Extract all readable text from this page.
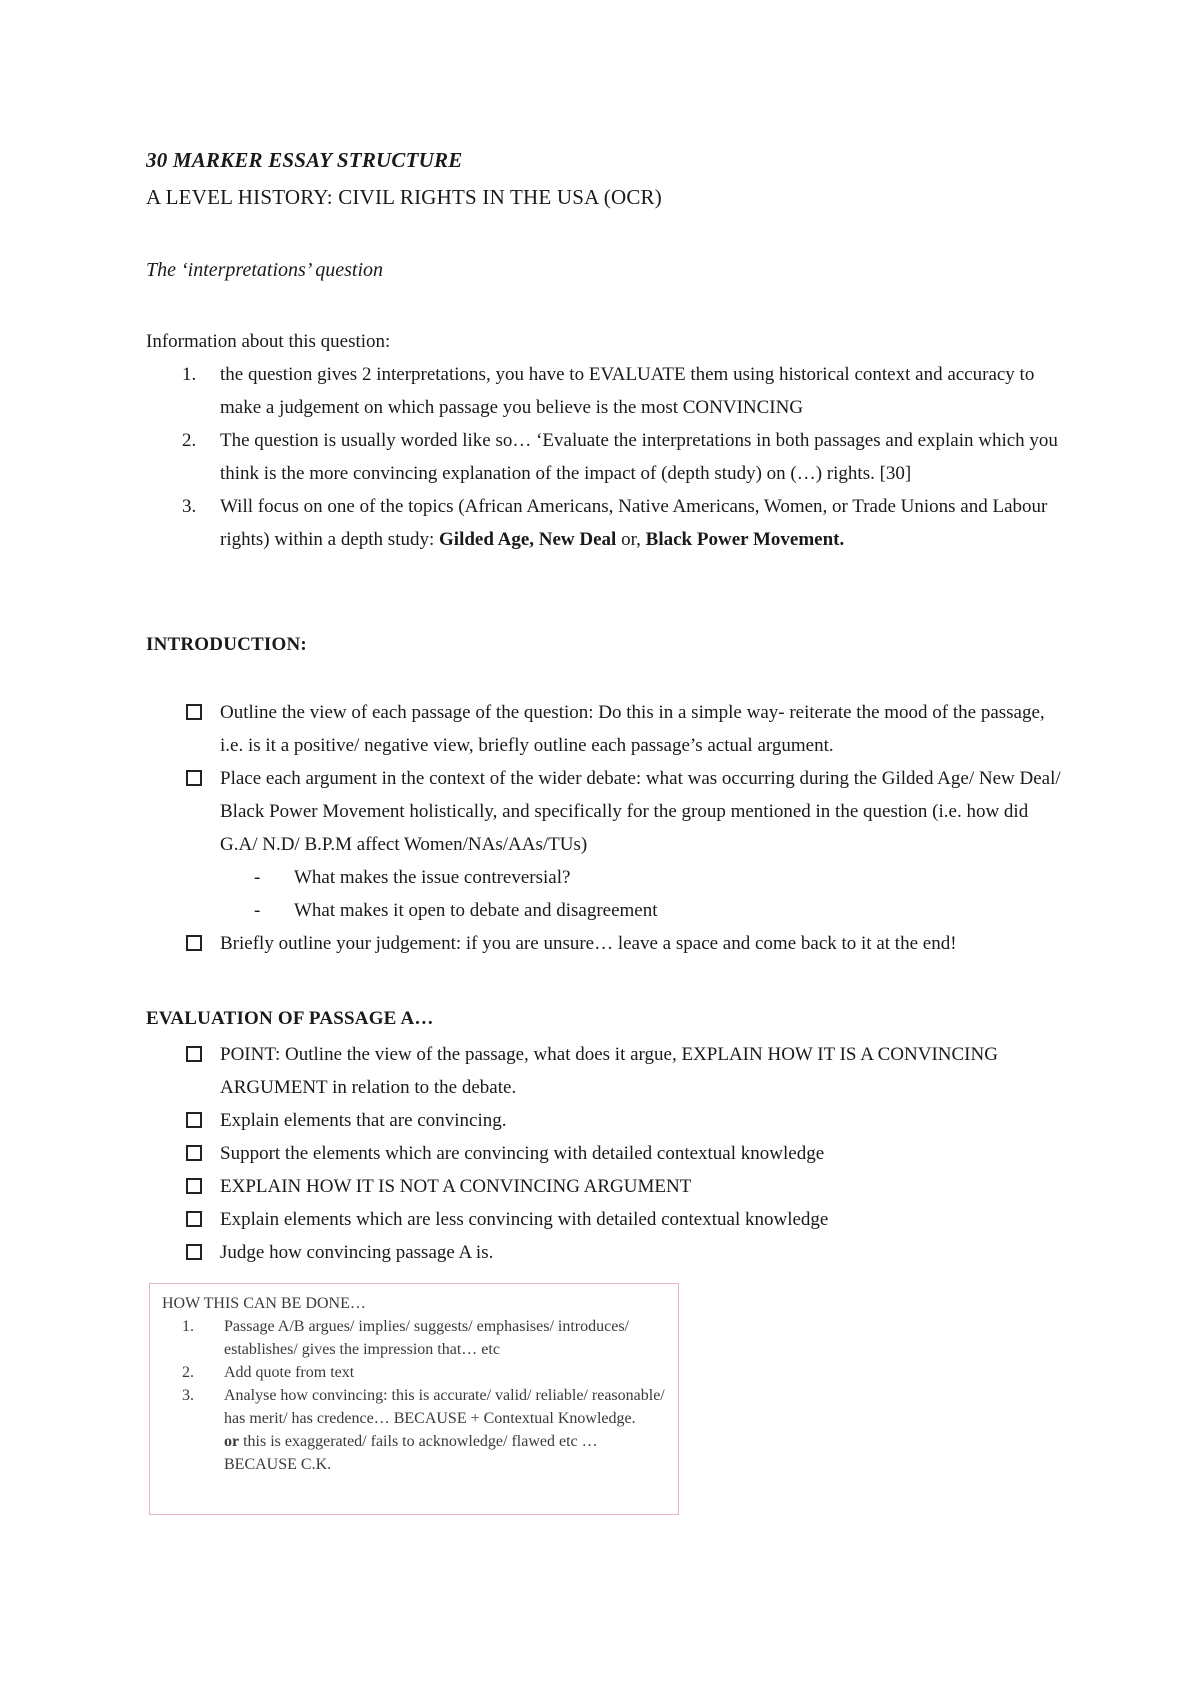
30 MARKER ESSAY STRUCTURE
A LEVEL HISTORY: CIVIL RIGHTS IN THE USA (OCR)
The ‘interpretations’ question
Information about this question:
1. the question gives 2 interpretations, you have to EVALUATE them using historical context and accuracy to make a judgement on which passage you believe is the most CONVINCING
2. The question is usually worded like so… ‘Evaluate the interpretations in both passages and explain which you think is the more convincing explanation of the impact of (depth study) on (…) rights. [30]
3. Will focus on one of the topics (African Americans, Native Americans, Women, or Trade Unions and Labour rights) within a depth study: Gilded Age, New Deal or, Black Power Movement.
INTRODUCTION:
Outline the view of each passage of the question: Do this in a simple way- reiterate the mood of the passage, i.e. is it a positive/ negative view, briefly outline each passage’s actual argument.
Place each argument in the context of the wider debate: what was occurring during the Gilded Age/ New Deal/ Black Power Movement holistically, and specifically for the group mentioned in the question (i.e. how did G.A/ N.D/ B.P.M affect Women/NAs/AAs/TUs)
- What makes the issue contreversial?
- What makes it open to debate and disagreement
Briefly outline your judgement: if you are unsure… leave a space and come back to it at the end!
EVALUATION OF PASSAGE A…
POINT: Outline the view of the passage, what does it argue, EXPLAIN HOW IT IS A CONVINCING ARGUMENT in relation to the debate.
Explain elements that are convincing.
Support the elements which are convincing with detailed contextual knowledge
EXPLAIN HOW IT IS NOT A CONVINCING ARGUMENT
Explain elements which are less convincing with detailed contextual knowledge
Judge how convincing passage A is.
HOW THIS CAN BE DONE…
1. Passage A/B argues/ implies/ suggests/ emphasises/ introduces/ establishes/ gives the impression that… etc
2. Add quote from text
3. Analyse how convincing: this is accurate/ valid/ reliable/ reasonable/ has merit/ has credence… BECAUSE + Contextual Knowledge.
or this is exaggerated/ fails to acknowledge/ flawed etc … BECAUSE C.K.
